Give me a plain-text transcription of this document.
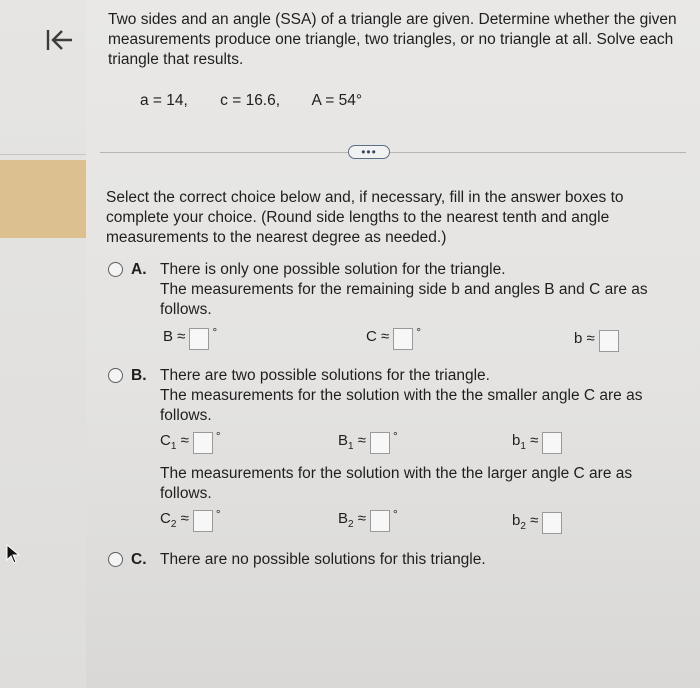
Two sides and an angle (SSA) of a triangle are given. Determine whether the given measurements produce one triangle, two triangles, or no triangle at all. Solve each triangle that results.
a = 14, c = 16.6, A = 54°
•••
Select the correct choice below and, if necessary, fill in the answer boxes to complete your choice. (Round side lengths to the nearest tenth and angle measurements to the nearest degree as needed.)
A. There is only one possible solution for the triangle.
The measurements for the remaining side b and angles B and C are as follows.
B ≈ °	C ≈ °	b ≈
B. There are two possible solutions for the triangle.
The measurements for the solution with the the smaller angle C are as follows.
$C_1$ ≈ °	$B_1$ ≈ °	$b_1$ ≈
The measurements for the solution with the the larger angle C are as follows.
$C_2$ ≈ °	$B_2$ ≈ °	$b_2$ ≈
C. There are no possible solutions for this triangle.
